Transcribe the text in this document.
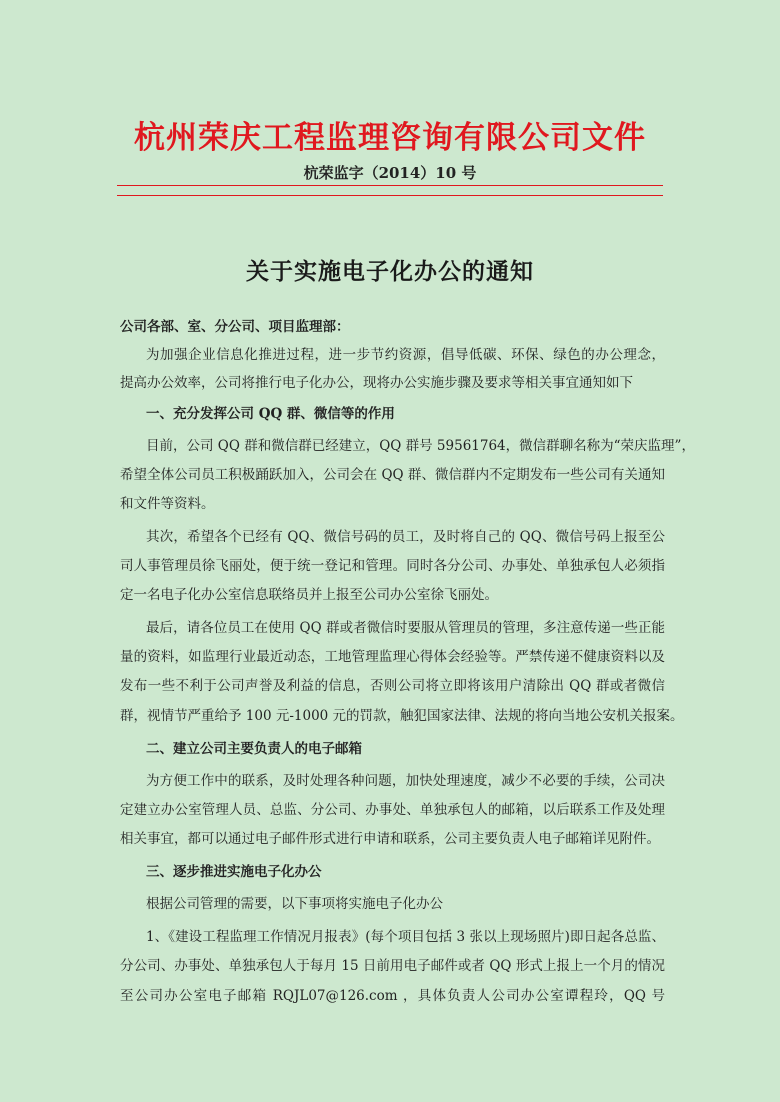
杭州荣庆工程监理咨询有限公司文件
杭荣监字（2014）10 号
关于实施电子化办公的通知
公司各部、室、分公司、项目监理部：
为加强企业信息化推进过程，进一步节约资源，倡导低碳、环保、绿色的办公理念，
提高办公效率，公司将推行电子化办公，现将办公实施步骤及要求等相关事宜通知如下
一、充分发挥公司 QQ 群、微信等的作用
目前，公司 QQ 群和微信群已经建立，QQ 群号 59561764，微信群聊名称为“荣庆监理”，
希望全体公司员工积极踊跃加入，公司会在 QQ 群、微信群内不定期发布一些公司有关通知
和文件等资料。
其次，希望各个已经有 QQ、微信号码的员工，及时将自己的 QQ、微信号码上报至公
司人事管理员徐飞丽处，便于统一登记和管理。同时各分公司、办事处、单独承包人必须指
定一名电子化办公室信息联络员并上报至公司办公室徐飞丽处。
最后，请各位员工在使用 QQ 群或者微信时要服从管理员的管理，多注意传递一些正能
量的资料，如监理行业最近动态，工地管理监理心得体会经验等。严禁传递不健康资料以及
发布一些不利于公司声誉及利益的信息，否则公司将立即将该用户清除出 QQ 群或者微信
群，视情节严重给予 100 元-1000 元的罚款，触犯国家法律、法规的将向当地公安机关报案。
二、建立公司主要负责人的电子邮箱
为方便工作中的联系，及时处理各种问题，加快处理速度，减少不必要的手续，公司决
定建立办公室管理人员、总监、分公司、办事处、单独承包人的邮箱，以后联系工作及处理
相关事宜，都可以通过电子邮件形式进行申请和联系，公司主要负责人电子邮箱详见附件。
三、逐步推进实施电子化办公
根据公司管理的需要，以下事项将实施电子化办公
1、《建设工程监理工作情况月报表》(每个项目包括 3 张以上现场照片)即日起各总监、
分公司、办事处、单独承包人于每月 15 日前用电子邮件或者 QQ 形式上报上一个月的情况
至公司办公室电子邮箱 RQJL07@126.com ，具体负责人公司办公室谭程玲，QQ 号
